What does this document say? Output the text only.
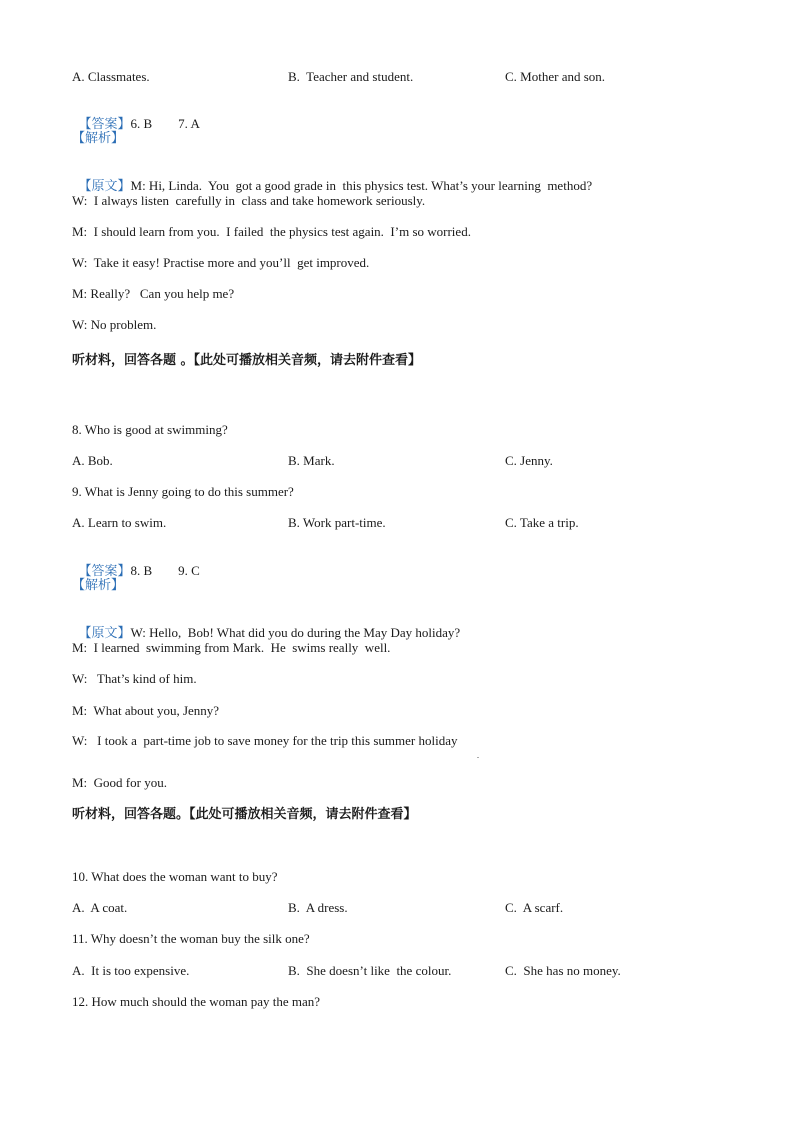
A. Classmates.	B.  Teacher and student.	C. Mother and son.

【答案】6. B        7. A

【解析】

【原文】M: Hi, Linda.  You  got a good grade in  this physics test. What’s your learning  method?

W:  I always listen  carefully in  class and take homework seriously.
M:  I should learn from you.  I failed  the physics test again.  I’m so worried.
W:  Take it easy! Practise more and you’ll  get improved.
M: Really?   Can you help me?
W: No problem.
听材料，回答各题 。【此处可播放相关音频，请去附件查看】
8. Who is good at swimming?
A. Bob.	B. Mark.	C. Jenny.
9. What is Jenny going to do this summer?
A. Learn to swim.	B. Work part-time.	C. Take a trip.

【答案】8. B        9. C

【解析】

【原文】W: Hello,  Bob! What did you do during the May Day holiday?

M:  I learned  swimming from Mark.  He  swims really  well.
W:   That’s kind of him.
M:  What about you, Jenny?
W:   I took a  part-time job to save money for the trip this summer holiday
.
M:  Good for you.
听材料，回答各题。【此处可播放相关音频，请去附件查看】
10. What does the woman want to buy?
A.  A coat.	B.  A dress.	C.  A scarf.
11. Why doesn’t the woman buy the silk one?
A.  It is too expensive.	B.  She doesn’t like  the colour.	C.  She has no money.
12. How much should the woman pay the man?
